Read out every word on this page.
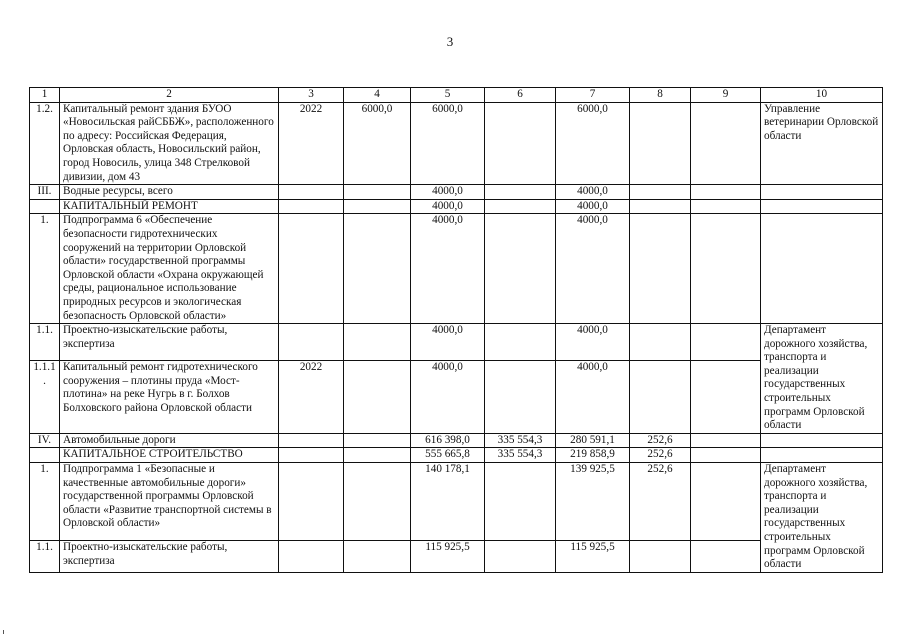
3
1	2	3	4	5	6	7	8	9	10
1.2.	Капитальный ремонт здания БУОО «Новосильская райСББЖ», расположенного по адресу: Российская Федерация, Орловская область, Новосильский район, город Новосиль, улица 348 Стрелковой дивизии, дом 43	2022	6000,0	6000,0		6000,0			Управление ветеринарии Орловской области
III.	Водные ресурсы, всего			4000,0		4000,0			
	КАПИТАЛЬНЫЙ РЕМОНТ			4000,0		4000,0			
1.	Подпрограмма 6 «Обеспечение безопасности гидротехнических сооружений на территории Орловской области» государственной программы Орловской области «Охрана окружающей среды, рациональное использование природных ресурсов и экологическая безопасность Орловской области»			4000,0		4000,0			
1.1.	Проектно-изыскательские работы, экспертиза			4000,0		4000,0			Департамент дорожного хозяйства, транспорта и реализации государственных строительных программ Орловской области
1.1.1.	Капитальный ремонт гидротехнического сооружения – плотины пруда «Мост-плотина» на реке Нугрь в г. Болхов Болховского района Орловской области	2022		4000,0		4000,0			
IV.	Автомобильные дороги			616 398,0	335 554,3	280 591,1	252,6		
	КАПИТАЛЬНОЕ СТРОИТЕЛЬСТВО			555 665,8	335 554,3	219 858,9	252,6		
1.	Подпрограмма 1 «Безопасные и качественные автомобильные дороги» государственной программы Орловской области «Развитие транспортной системы в Орловской области»			140 178,1		139 925,5	252,6		Департамент дорожного хозяйства, транспорта и реализации государственных строительных программ Орловской области
1.1.	Проектно-изыскательские работы, экспертиза			115 925,5		115 925,5			
